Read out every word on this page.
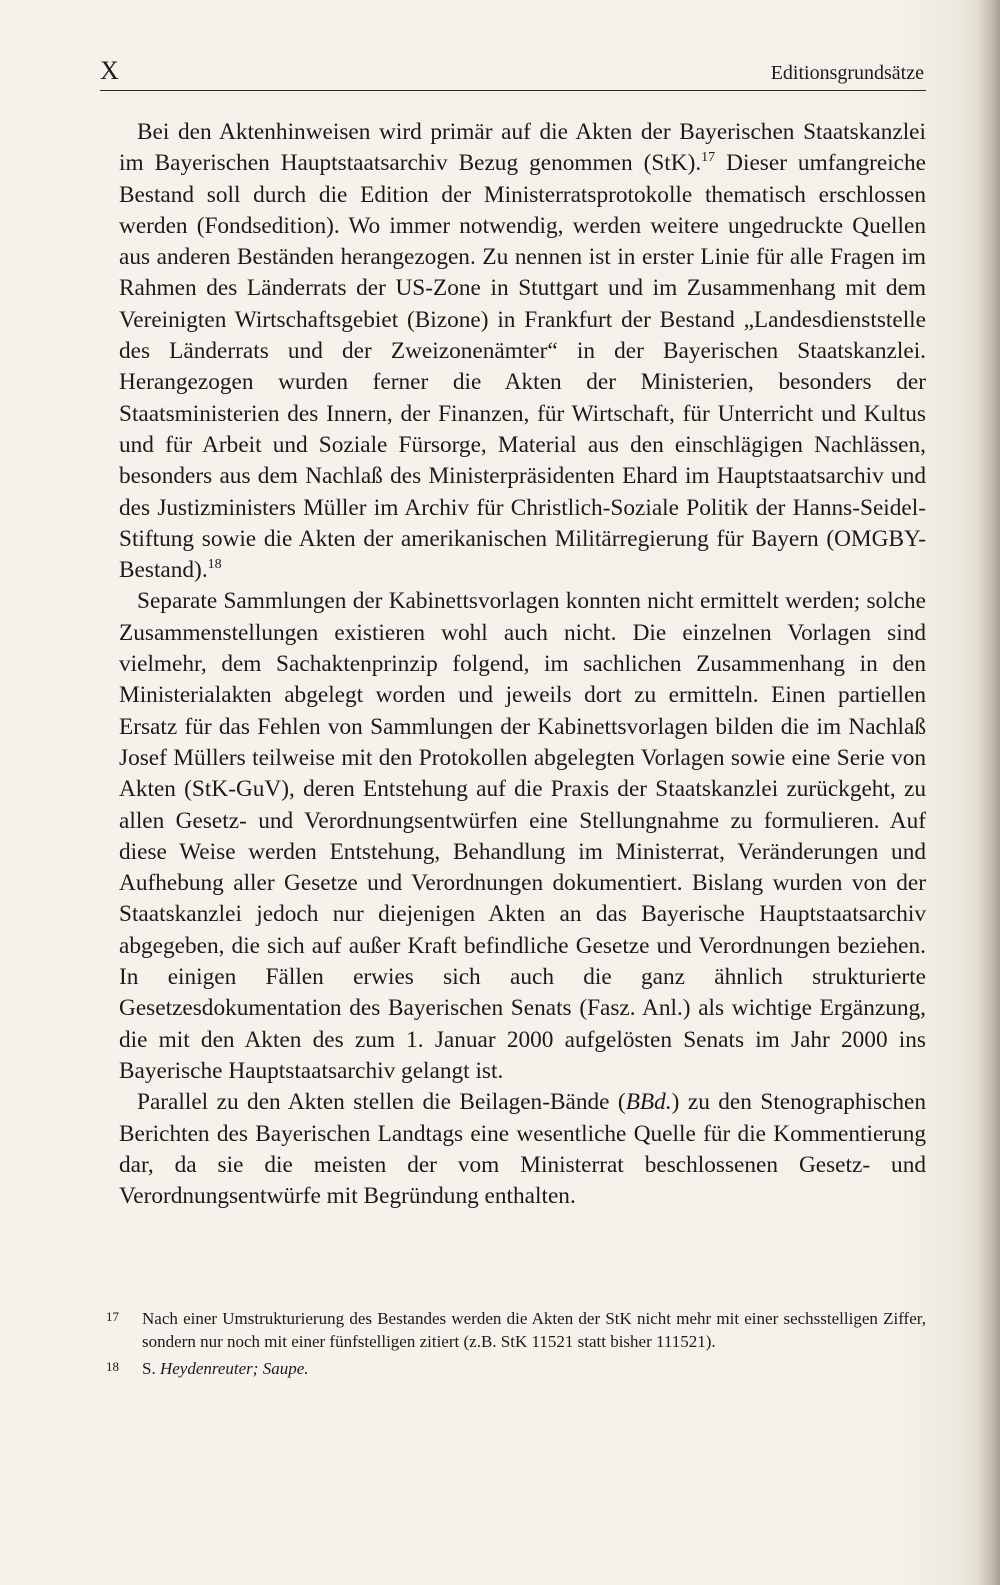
X	Editionsgrundsätze

Bei den Aktenhinweisen wird primär auf die Akten der Bayerischen Staatskanzlei im Bayerischen Hauptstaatsarchiv Bezug genommen (StK).$^{17}$ Dieser umfangreiche Bestand soll durch die Edition der Ministerratsprotokolle thematisch erschlossen werden (Fondsedition). Wo immer notwendig, werden weitere ungedruckte Quellen aus anderen Beständen herangezogen. Zu nennen ist in erster Linie für alle Fragen im Rahmen des Länderrats der US-Zone in Stuttgart und im Zusammenhang mit dem Vereinigten Wirtschaftsgebiet (Bizone) in Frankfurt der Bestand „Landesdienststelle des Länderrats und der Zweizonenämter“ in der Bayerischen Staatskanzlei. Herangezogen wurden ferner die Akten der Ministerien, besonders der Staatsministerien des Innern, der Finanzen, für Wirtschaft, für Unterricht und Kultus und für Arbeit und Soziale Fürsorge, Material aus den einschlägigen Nachlässen, besonders aus dem Nachlaß des Ministerpräsidenten Ehard im Hauptstaatsarchiv und des Justizministers Müller im Archiv für Christlich-Soziale Politik der Hanns-Seidel-Stiftung sowie die Akten der amerikanischen Militärregierung für Bayern (OMGBY-Bestand).$^{18}$

Separate Sammlungen der Kabinettsvorlagen konnten nicht ermittelt werden; solche Zusammenstellungen existieren wohl auch nicht. Die einzelnen Vorlagen sind vielmehr, dem Sachaktenprinzip folgend, im sachlichen Zusammenhang in den Ministerialakten abgelegt worden und jeweils dort zu ermitteln. Einen partiellen Ersatz für das Fehlen von Sammlungen der Kabinettsvorlagen bilden die im Nachlaß Josef Müllers teilweise mit den Protokollen abgelegten Vorlagen sowie eine Serie von Akten (StK-GuV), deren Entstehung auf die Praxis der Staatskanzlei zurückgeht, zu allen Gesetz- und Verordnungsentwürfen eine Stellungnahme zu formulieren. Auf diese Weise werden Entstehung, Behandlung im Ministerrat, Veränderungen und Aufhebung aller Gesetze und Verordnungen dokumentiert. Bislang wurden von der Staatskanzlei jedoch nur diejenigen Akten an das Bayerische Hauptstaatsarchiv abgegeben, die sich auf außer Kraft befindliche Gesetze und Verordnungen beziehen. In einigen Fällen erwies sich auch die ganz ähnlich strukturierte Gesetzesdokumentation des Bayerischen Senats (Fasz. Anl.) als wichtige Ergänzung, die mit den Akten des zum 1. Januar 2000 aufgelösten Senats im Jahr 2000 ins Bayerische Hauptstaatsarchiv gelangt ist.

Parallel zu den Akten stellen die Beilagen-Bände (BBd.) zu den Stenographischen Berichten des Bayerischen Landtags eine wesentliche Quelle für die Kommentierung dar, da sie die meisten der vom Ministerrat beschlossenen Gesetz- und Verordnungsentwürfe mit Begründung enthalten.

17 Nach einer Umstrukturierung des Bestandes werden die Akten der StK nicht mehr mit einer sechsstelligen Ziffer, sondern nur noch mit einer fünfstelligen zitiert (z.B. StK 11521 statt bisher 111521).

18 S. Heydenreuter; Saupe.
